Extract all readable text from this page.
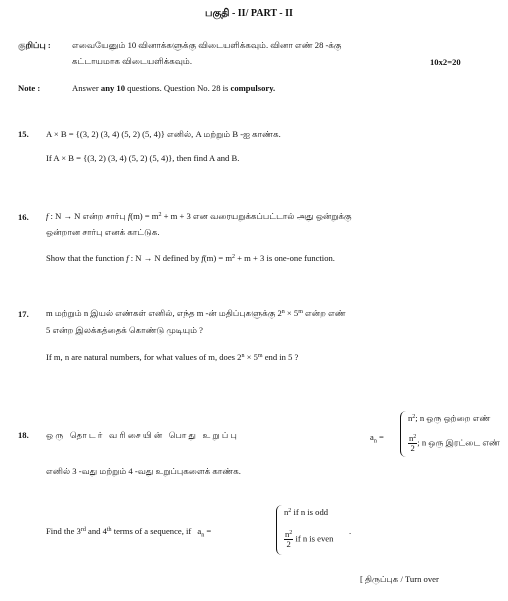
பகுதி - II/ PART - II
குறிப்பு : எவையேனும் 10 வினாக்களுக்கு விடையளிக்கவும். வினா எண் 28 -க்கு
கட்டாயமாக விடையளிக்கவும்.	10x2=20
Note :	Answer any 10 questions. Question No. 28 is compulsory.
15. A × B = {(3, 2) (3, 4) (5, 2) (5, 4)} எனில், A மற்றும் B -ஐ காண்க.
If A × B = {(3, 2) (3, 4) (5, 2) (5, 4)}, then find A and B.
16. f : N → N என்ற சார்பு $f(m) = m^2 + m + 3$ என வரையறுக்கப்பட்டால் அது ஒன்றுக்கு
ஒன்றான சார்பு எனக் காட்டுக.
Show that the function f : N → N defined by $f(m) = m^2 + m + 3$ is one-one function.
17. m மற்றும் n இயல் எண்கள் எனில், எந்த m -ன் மதிப்புகளுக்கு $2^n \times 5^m$ என்ற எண்
5 என்ற இலக்கத்தைக் கொண்டு முடியும் ?
If m, n are natural numbers, for what values of m, does $2^n \times 5^m$ end in 5 ?
18. ஒரு தொடர் வரிசையின் பொது உறுப்பு	$a_n$ =
$n^2$; n ஒரு ஒற்றை எண்
$\frac{n^2}{2}$ ; n ஒரு இரட்டை எண்
எனில் 3 -வது மற்றும் 4 -வது உறுப்புகளைக் காண்க.
Find the 3rd and 4th terms of a sequence, if $a_n$ =
$n^2$ if n is odd
$\frac{n^2}{2}$ if n is even
.
[ திருப்புக / Turn over
